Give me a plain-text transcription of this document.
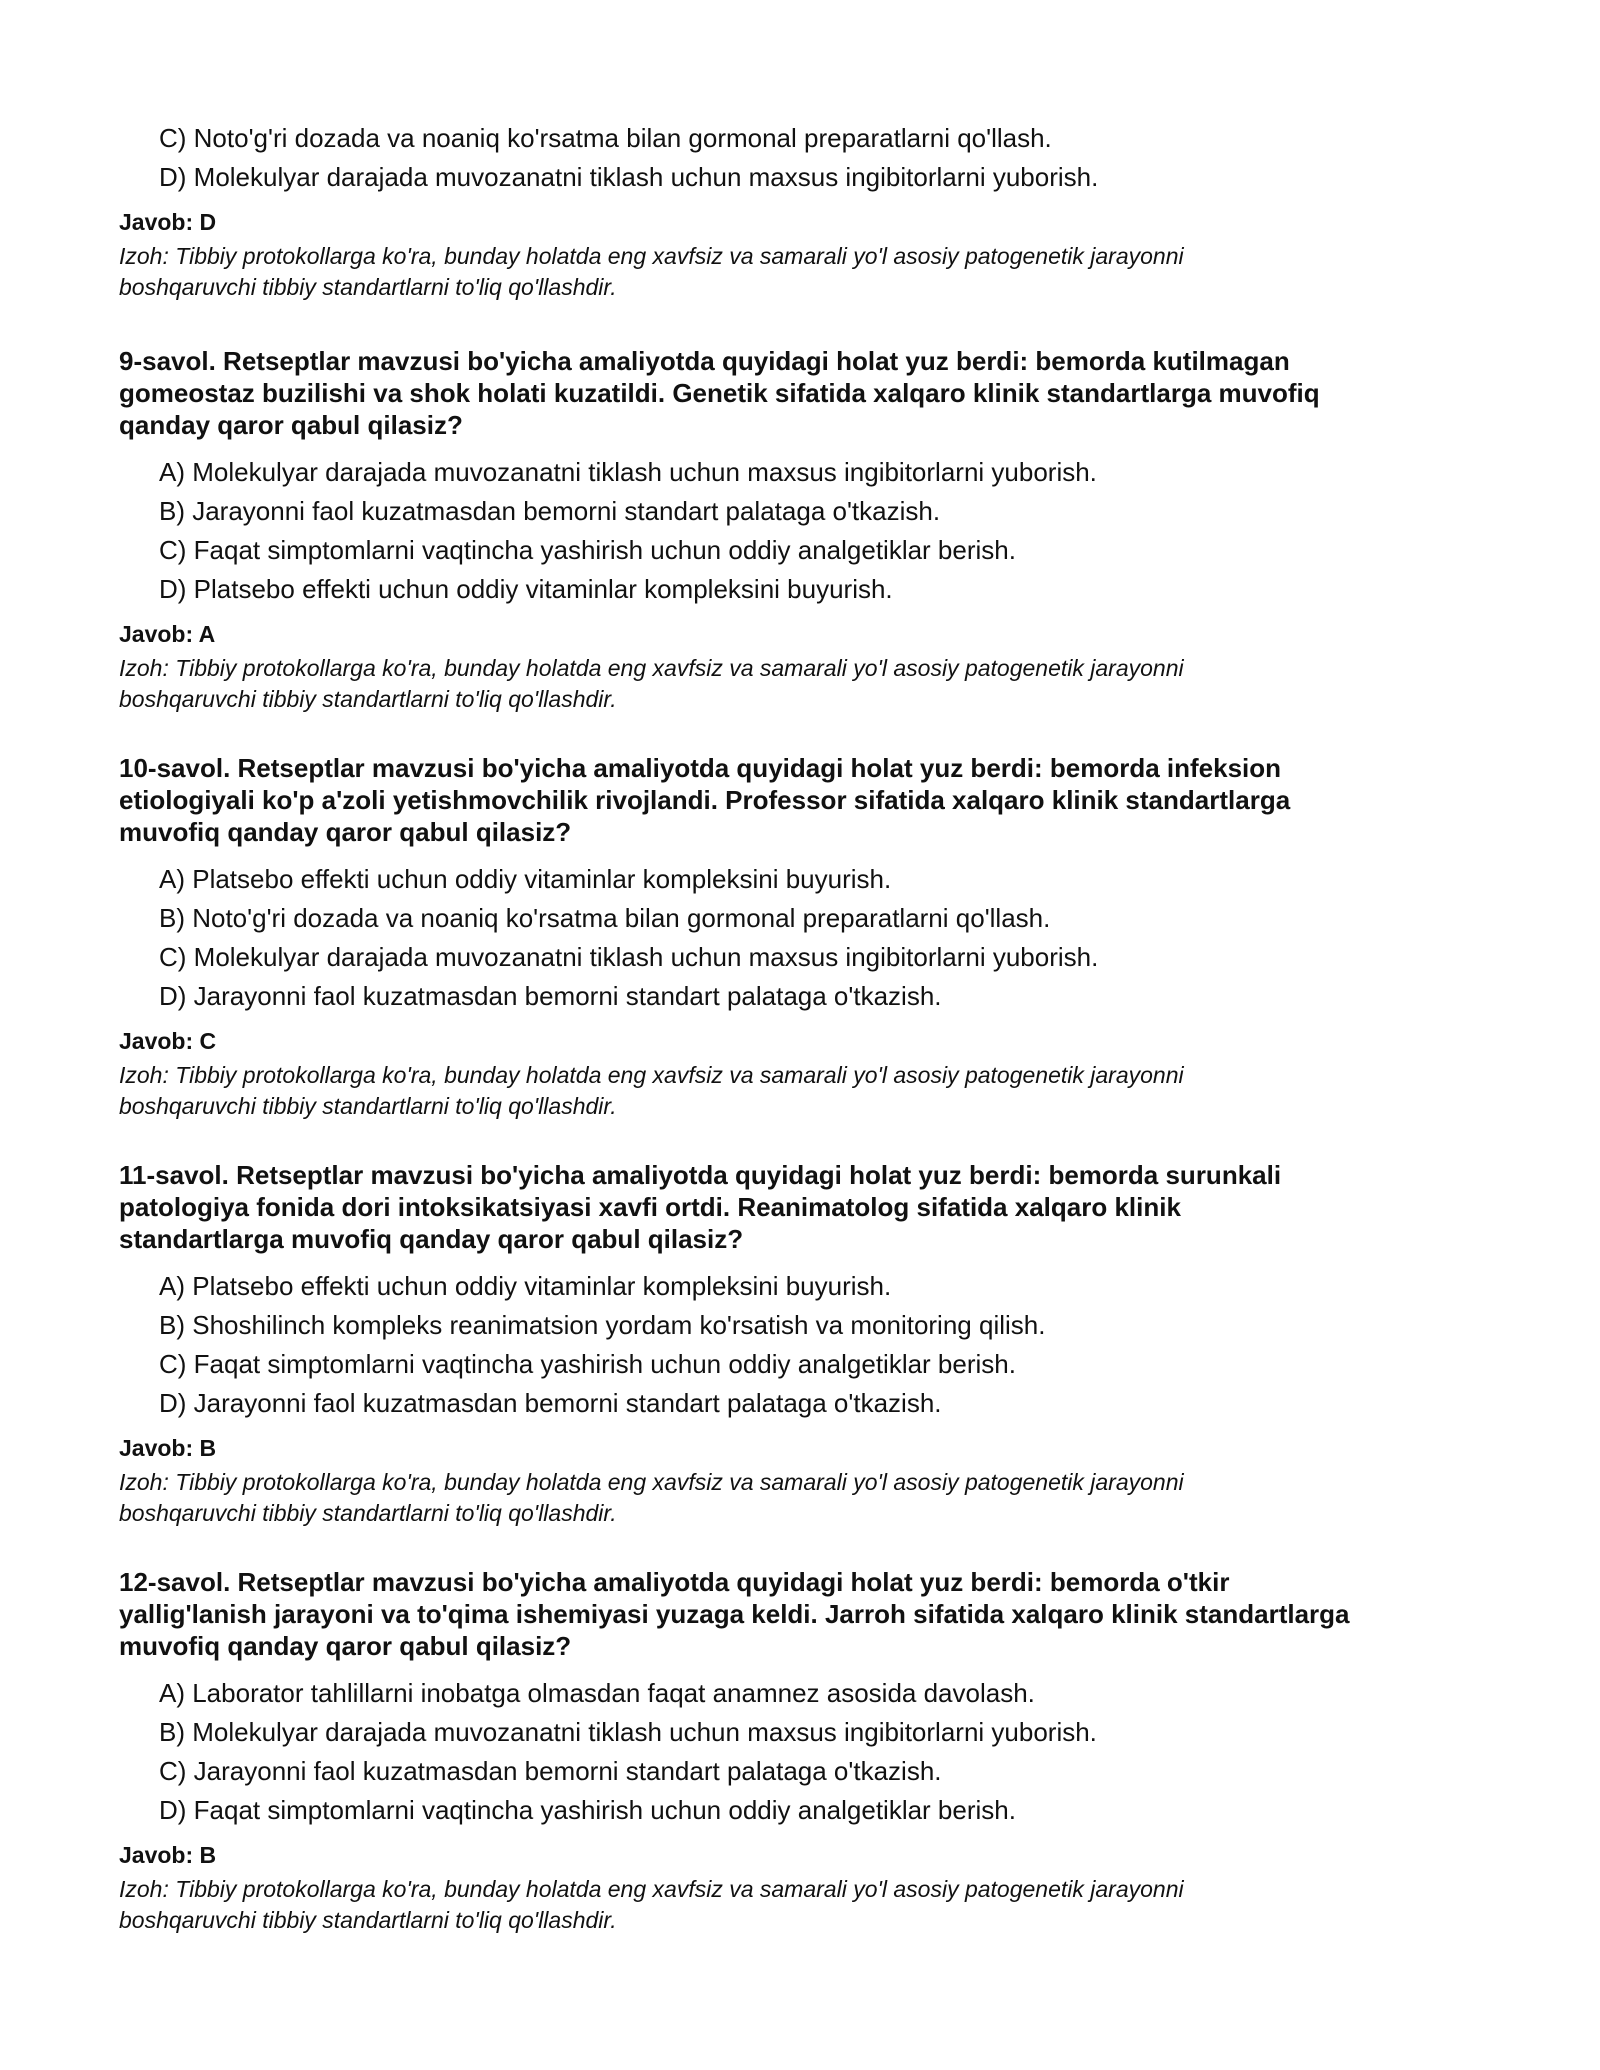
C) Noto'g'ri dozada va noaniq ko'rsatma bilan gormonal preparatlarni qo'llash.
D) Molekulyar darajada muvozanatni tiklash uchun maxsus ingibitorlarni yuborish.

Javob: D

Izoh: Tibbiy protokollarga ko'ra, bunday holatda eng xavfsiz va samarali yo'l asosiy patogenetik jarayonni
boshqaruvchi tibbiy standartlarni to'liq qo'llashdir.

9-savol. Retseptlar mavzusi bo'yicha amaliyotda quyidagi holat yuz berdi: bemorda kutilmagan
gomeostaz buzilishi va shok holati kuzatildi. Genetik sifatida xalqaro klinik standartlarga muvofiq
qanday qaror qabul qilasiz?

A) Molekulyar darajada muvozanatni tiklash uchun maxsus ingibitorlarni yuborish.
B) Jarayonni faol kuzatmasdan bemorni standart palataga o'tkazish.
C) Faqat simptomlarni vaqtincha yashirish uchun oddiy analgetiklar berish.
D) Platsebo effekti uchun oddiy vitaminlar kompleksini buyurish.

Javob: A

Izoh: Tibbiy protokollarga ko'ra, bunday holatda eng xavfsiz va samarali yo'l asosiy patogenetik jarayonni
boshqaruvchi tibbiy standartlarni to'liq qo'llashdir.

10-savol. Retseptlar mavzusi bo'yicha amaliyotda quyidagi holat yuz berdi: bemorda infeksion
etiologiyali ko'p a'zoli yetishmovchilik rivojlandi. Professor sifatida xalqaro klinik standartlarga
muvofiq qanday qaror qabul qilasiz?

A) Platsebo effekti uchun oddiy vitaminlar kompleksini buyurish.
B) Noto'g'ri dozada va noaniq ko'rsatma bilan gormonal preparatlarni qo'llash.
C) Molekulyar darajada muvozanatni tiklash uchun maxsus ingibitorlarni yuborish.
D) Jarayonni faol kuzatmasdan bemorni standart palataga o'tkazish.

Javob: C

Izoh: Tibbiy protokollarga ko'ra, bunday holatda eng xavfsiz va samarali yo'l asosiy patogenetik jarayonni
boshqaruvchi tibbiy standartlarni to'liq qo'llashdir.

11-savol. Retseptlar mavzusi bo'yicha amaliyotda quyidagi holat yuz berdi: bemorda surunkali
patologiya fonida dori intoksikatsiyasi xavfi ortdi. Reanimatolog sifatida xalqaro klinik
standartlarga muvofiq qanday qaror qabul qilasiz?

A) Platsebo effekti uchun oddiy vitaminlar kompleksini buyurish.
B) Shoshilinch kompleks reanimatsion yordam ko'rsatish va monitoring qilish.
C) Faqat simptomlarni vaqtincha yashirish uchun oddiy analgetiklar berish.
D) Jarayonni faol kuzatmasdan bemorni standart palataga o'tkazish.

Javob: B

Izoh: Tibbiy protokollarga ko'ra, bunday holatda eng xavfsiz va samarali yo'l asosiy patogenetik jarayonni
boshqaruvchi tibbiy standartlarni to'liq qo'llashdir.

12-savol. Retseptlar mavzusi bo'yicha amaliyotda quyidagi holat yuz berdi: bemorda o'tkir
yallig'lanish jarayoni va to'qima ishemiyasi yuzaga keldi. Jarroh sifatida xalqaro klinik standartlarga
muvofiq qanday qaror qabul qilasiz?

A) Laborator tahlillarni inobatga olmasdan faqat anamnez asosida davolash.
B) Molekulyar darajada muvozanatni tiklash uchun maxsus ingibitorlarni yuborish.
C) Jarayonni faol kuzatmasdan bemorni standart palataga o'tkazish.
D) Faqat simptomlarni vaqtincha yashirish uchun oddiy analgetiklar berish.

Javob: B

Izoh: Tibbiy protokollarga ko'ra, bunday holatda eng xavfsiz va samarali yo'l asosiy patogenetik jarayonni
boshqaruvchi tibbiy standartlarni to'liq qo'llashdir.
